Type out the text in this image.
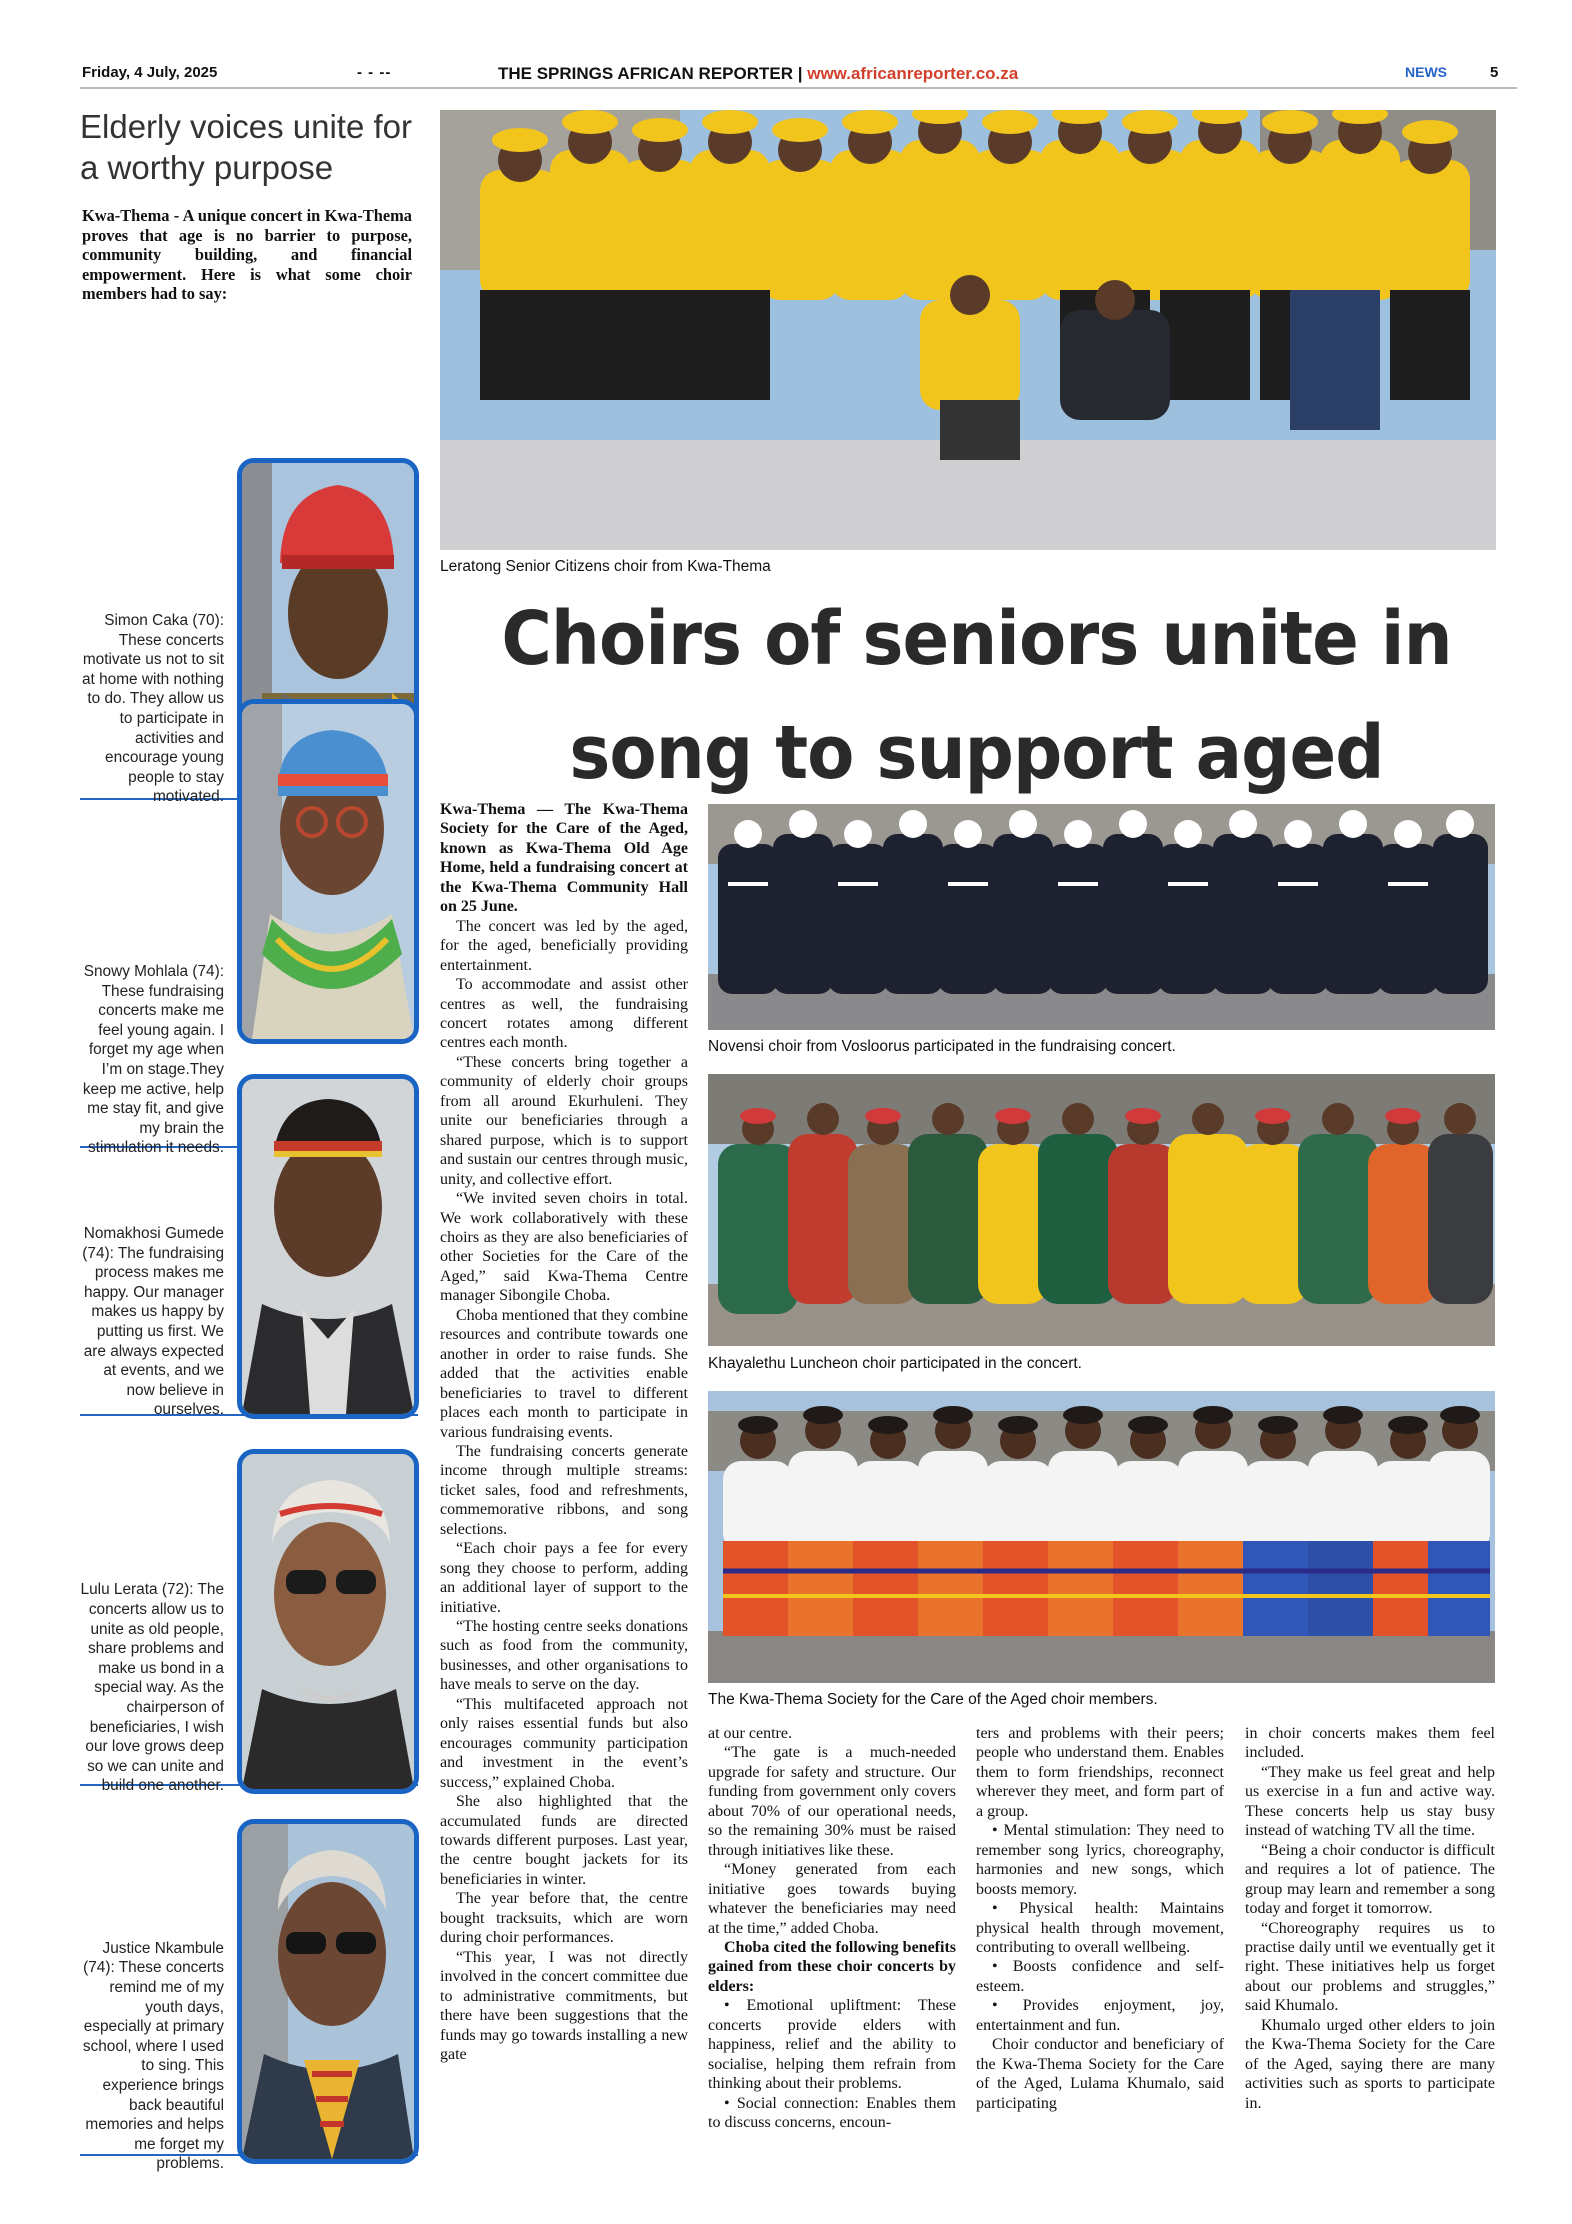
Friday, 4 July, 2025	- - --	THE SPRINGS AFRICAN REPORTER | www.africanreporter.co.za	NEWS	5
Elderly voices unite for a worthy purpose
Kwa-Thema - A unique concert in Kwa-Thema proves that age is no barrier to purpose, community building, and financial empowerment. Here is what some choir members had to say:
Simon Caka (70): These concerts motivate us not to sit at home with nothing to do. They allow us to participate in activities and encourage young people to stay motivated.
Snowy Mohlala (74): These fundraising concerts make me feel young again. I forget my age when I’m on stage.They keep me active, help me stay fit, and give my brain the stimulation it needs.
Nomakhosi Gumede (74): The fundraising process makes me happy. Our manager makes us happy by putting us first. We are always expected at events, and we now believe in ourselves.
Lulu Lerata (72): The concerts allow us to unite as old people, share problems and make us bond in a special way. As the chairperson of beneficiaries, I wish our love grows deep so we can unite and build one another.
Justice Nkambule (74): These concerts remind me of my youth days, especially at primary school, where I used to sing. This experience brings back beautiful memories and helps me forget my problems.
Leratong Senior Citizens choir from Kwa-Thema
Choirs of seniors unite in
song to support aged
Novensi choir from Vosloorus participated in the fundraising concert.
Khayalethu Luncheon choir participated in the concert.
The Kwa-Thema Society for the Care of the Aged choir members.

Kwa-Thema — The Kwa-Thema Society for the Care of the Aged, known as Kwa-Thema Old Age Home, held a fundraising concert at the Kwa-Thema Community Hall on 25 June.

The concert was led by the aged, for the aged, beneficially providing entertainment.

To accommodate and assist other centres as well, the fundraising concert rotates among different centres each month.

“These concerts bring together a community of elderly choir groups from all around Ekurhuleni. They unite our beneficiaries through a shared purpose, which is to support and sustain our centres through music, unity, and collective effort.

“We invited seven choirs in total. We work collaboratively with these choirs as they are also beneficiaries of other Societies for the Care of the Aged,” said Kwa-Thema Centre manager Sibongile Choba.

Choba mentioned that they combine resources and contribute towards one another in order to raise funds. She added that the activities enable beneficiaries to travel to different places each month to participate in various fundraising events.

The fundraising concerts generate income through multiple streams: ticket sales, food and refreshments, commemorative ribbons, and song selections.

“Each choir pays a fee for every song they choose to perform, adding an additional layer of support to the initiative.

“The hosting centre seeks donations such as food from the community, businesses, and other organisations to have meals to serve on the day.

“This multifaceted approach not only raises essential funds but also encourages community participation and investment in the event’s success,” explained Choba.

She also highlighted that the accumulated funds are directed towards different purposes. Last year, the centre bought jackets for its beneficiaries in winter.

The year before that, the centre bought tracksuits, which are worn during choir performances.

“This year, I was not directly involved in the concert committee due to administrative commitments, but there have been suggestions that the funds may go towards installing a new gate

at our centre.

“The gate is a much-needed upgrade for safety and structure. Our funding from government only covers about 70% of our operational needs, so the remaining 30% must be raised through initiatives like these.

“Money generated from each initiative goes towards buying whatever the beneficiaries may need at the time,” added Choba.

Choba cited the following benefits gained from these choir concerts by elders:

• Emotional upliftment: These concerts provide elders with happiness, relief and the ability to socialise, helping them refrain from thinking about their problems.

• Social connection: Enables them to discuss concerns, encoun-

ters and problems with their peers; people who understand them. Enables them to form friendships, reconnect wherever they meet, and form part of a group.

• Mental stimulation: They need to remember song lyrics, choreography, harmonies and new songs, which boosts memory.

• Physical health: Maintains physical health through movement, contributing to overall wellbeing.

• Boosts confidence and self-esteem.

• Provides enjoyment, joy, entertainment and fun.

Choir conductor and beneficiary of the Kwa-Thema Society for the Care of the Aged, Lulama Khumalo, said participating

in choir concerts makes them feel included.

“They make us feel great and help us exercise in a fun and active way. These concerts help us stay busy instead of watching TV all the time.

“Being a choir conductor is difficult and requires a lot of patience. The group may learn and remember a song today and forget it tomorrow.

“Choreography requires us to practise daily until we eventually get it right. These initiatives help us forget about our problems and struggles,” said Khumalo.

Khumalo urged other elders to join the Kwa-Thema Society for the Care of the Aged, saying there are many activities such as sports to participate in.
